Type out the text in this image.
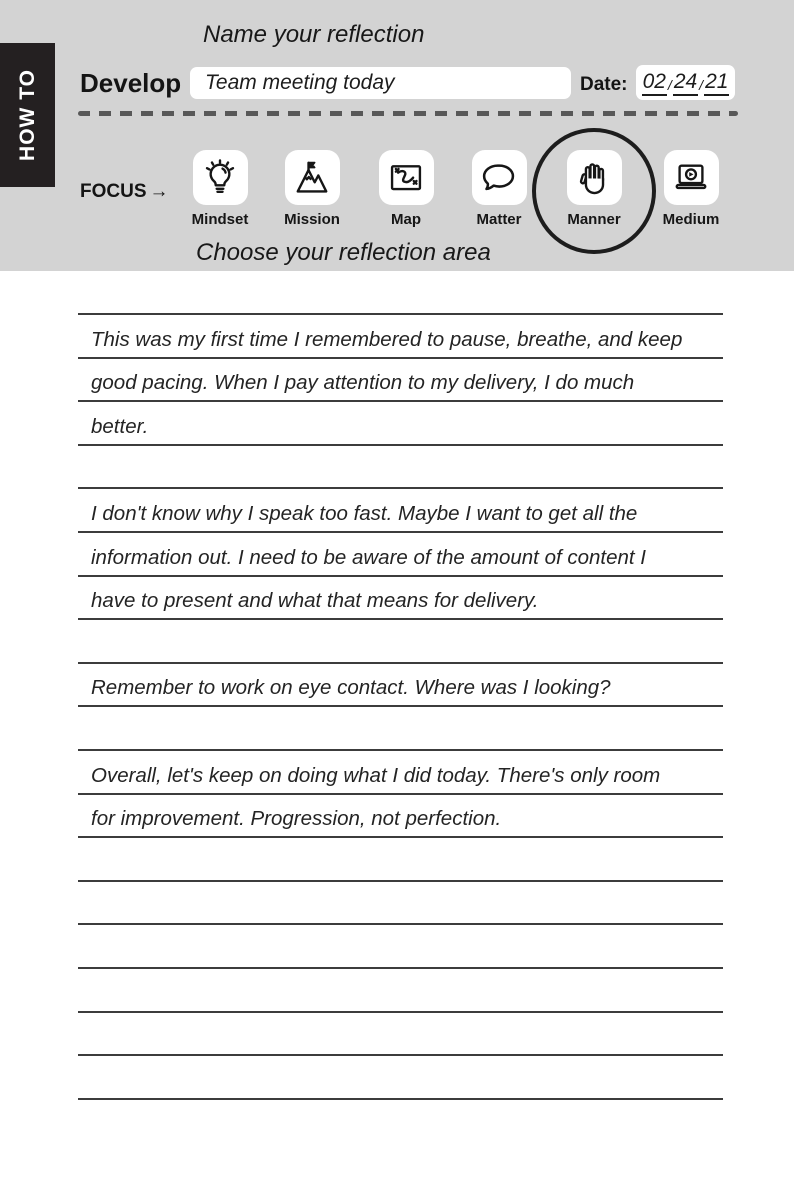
HOW TO
Name your reflection
Develop Team meeting today	Date: 02 / 24 / 21
FOCUS →
Mindset	Mission	Map	Matter	Manner	Medium
Choose your reflection area
This was my first time I remembered to pause, breathe, and keep
good pacing. When I pay attention to my delivery, I do much
better.
I don't know why I speak too fast. Maybe I want to get all the
information out. I need to be aware of the amount of content I
have to present and what that means for delivery.
Remember to work on eye contact. Where was I looking?
Overall, let's keep on doing what I did today. There's only room
for improvement. Progression, not perfection.
